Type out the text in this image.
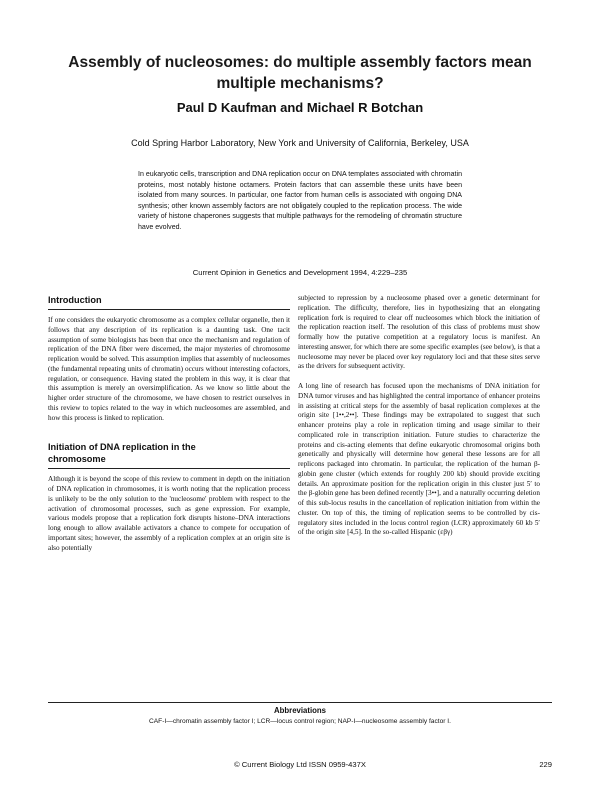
Assembly of nucleosomes: do multiple assembly factors mean multiple mechanisms?
Paul D Kaufman and Michael R Botchan
Cold Spring Harbor Laboratory, New York and University of California, Berkeley, USA
In eukaryotic cells, transcription and DNA replication occur on DNA templates associated with chromatin proteins, most notably histone octamers. Protein factors that can assemble these units have been isolated from many sources. In particular, one factor from human cells is associated with ongoing DNA synthesis; other known assembly factors are not obligately coupled to the replication process. The wide variety of histone chaperones suggests that multiple pathways for the remodeling of chromatin structure have evolved.
Current Opinion in Genetics and Development 1994, 4:229–235
Introduction

If one considers the eukaryotic chromosome as a complex cellular organelle, then it follows that any description of its replication is a daunting task. One tacit assumption of some biologists has been that once the mechanism and regulation of replication of the DNA fiber were discerned, the major mysteries of chromosome replication would be solved. This assumption implies that assembly of nucleosomes (the fundamental repeating units of chromatin) occurs without interesting cofactors, regulation, or consequence. Having stated the problem in this way, it is clear that this assumption is merely an oversimplification. As we know so little about the higher order structure of the chromosome, we have chosen to restrict ourselves in this review to topics related to the way in which nucleosomes are assembled, and how this process is linked to replication.

Initiation of DNA replication in the
chromosome

Although it is beyond the scope of this review to comment in depth on the initiation of DNA replication in chromosomes, it is worth noting that the replication process is unlikely to be the only solution to the 'nucleosome' problem with respect to the activation of chromosomal processes, such as gene expression. For example, various models propose that a replication fork disrupts histone–DNA interactions long enough to allow available activators a chance to compete for occupation of important sites; however, the assembly of a replication complex at an origin site is also potentially

subjected to repression by a nucleosome phased over a genetic determinant for replication. The difficulty, therefore, lies in hypothesizing that an elongating replication fork is required to clear off nucleosomes which block the initiation of the replication reaction itself. The resolution of this class of problems must show formally how the putative competition at a regulatory locus is manifest. An interesting answer, for which there are some specific examples (see below), is that a nucleosome may never be placed over key regulatory loci and that these sites serve as the drivers for subsequent activity.

A long line of research has focused upon the mechanisms of DNA initiation for DNA tumor viruses and has highlighted the central importance of enhancer proteins in assisting at critical steps for the assembly of basal replication complexes at the origin site [1••,2••]. These findings may be extrapolated to suggest that such enhancer proteins play a role in replication timing and usage similar to their complicated role in transcription initiation. Future studies to characterize the proteins and cis-acting elements that define eukaryotic chromosomal origins both genetically and physically will determine how general these lessons are for all replicons packaged into chromatin. In particular, the replication of the human β-globin gene cluster (which extends for roughly 200 kb) should provide exciting details. An approximate position for the replication origin in this cluster just 5′ to the β-globin gene has been defined recently [3••], and a naturally occurring deletion of this sub-locus results in the cancellation of replication initiation from within the cluster. On top of this, the timing of replication seems to be controlled by cis-regulatory sites included in the locus control region (LCR) approximately 60 kb 5′ of the origin site [4,5]. In the so-called Hispanic (εβγ)

Abbreviations
CAF-I—chromatin assembly factor I; LCR—locus control region; NAP-I—nucleosome assembly factor I.
© Current Biology Ltd ISSN 0959-437X	229
